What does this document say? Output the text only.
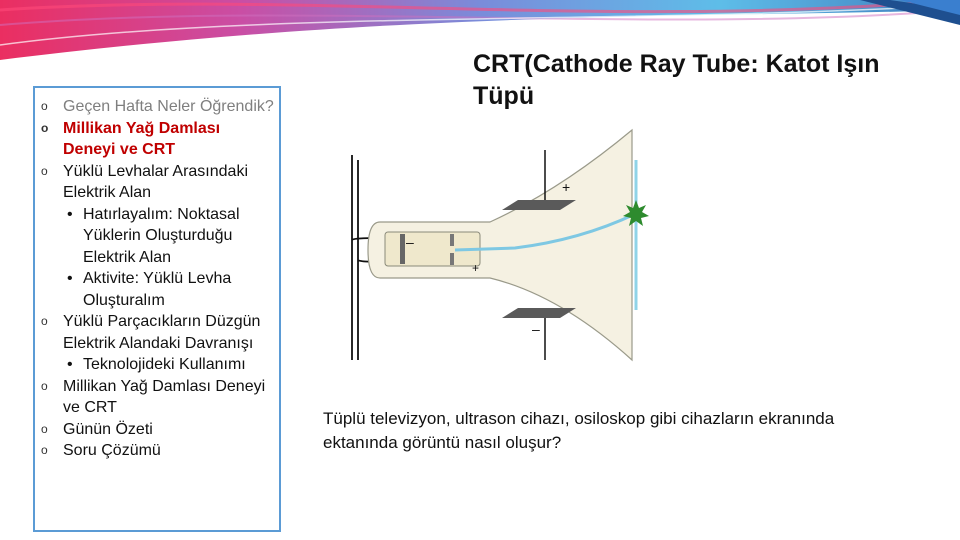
o Geçen Hafta Neler Öğrendik?
o Millikan Yağ Damlası Deneyi ve CRT
o Yüklü Levhalar Arasındaki Elektrik Alan
• Hatırlayalım: Noktasal Yüklerin Oluşturduğu Elektrik Alan
• Aktivite: Yüklü Levha Oluşturalım
o Yüklü Parçacıkların Düzgün Elektrik Alandaki Davranışı
• Teknolojideki Kullanımı
o Millikan Yağ Damlası Deneyi ve CRT
o Günün Özeti
o Soru Çözümü
CRT(Cathode Ray Tube: Katot Işın Tüpü
–
+
+
–
Tüplü televizyon, ultrason cihazı, osiloskop gibi cihazların ekranında ektanında görüntü nasıl oluşur?
